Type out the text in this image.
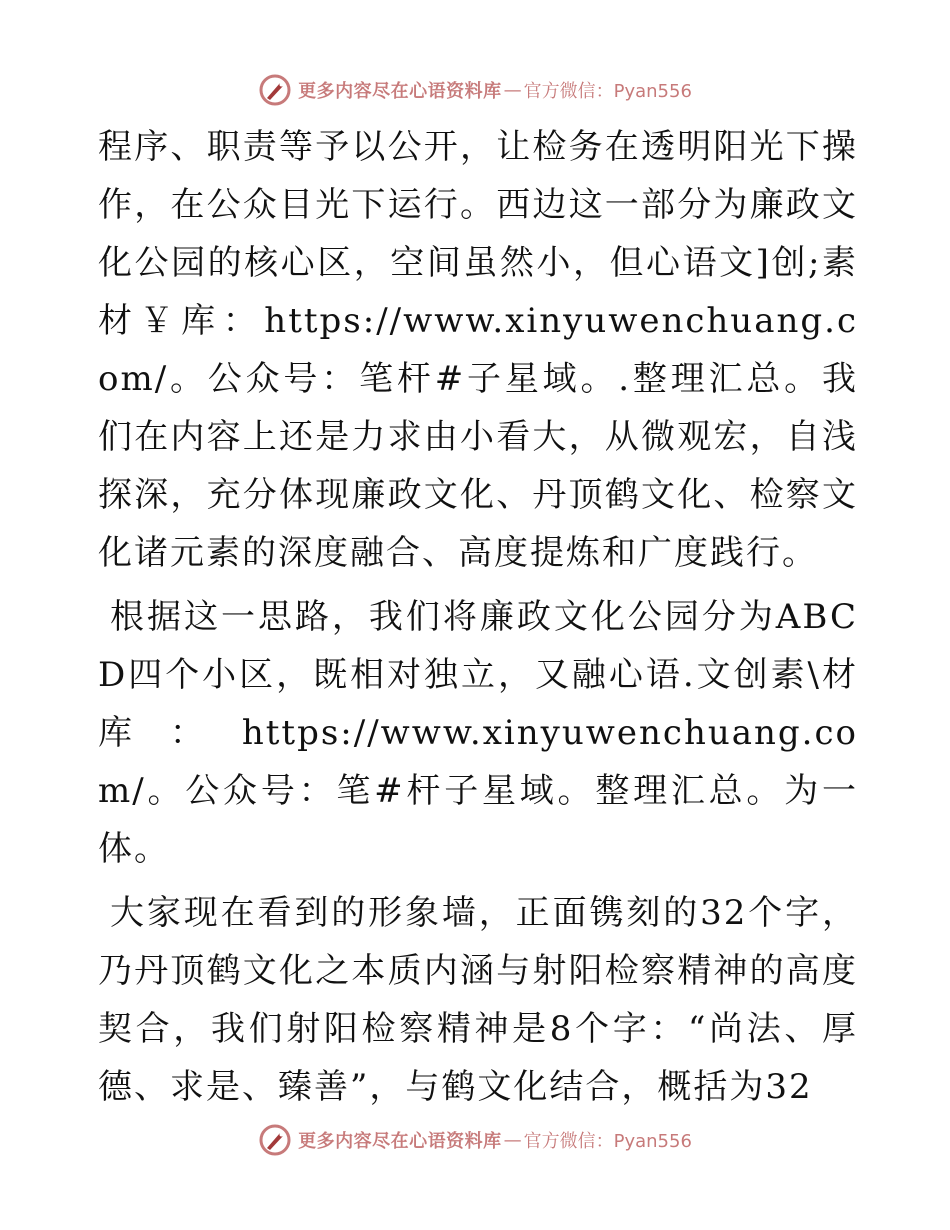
更多内容尽在心语资料库 — 官方微信：Pyan556

程序、职责等予以公开，让检务在透明阳光下操作，在公众目光下运行。西边这一部分为廉政文化公园的核心区，空间虽然小，但心语文]创;素材￥库：https://www.xinyuwenchuang.com/。公众号：笔杆#子星域。.整理汇总。我们在内容上还是力求由小看大，从微观宏，自浅探深，充分体现廉政文化、丹顶鹤文化、检察文化诸元素的深度融合、高度提炼和广度践行。

根据这一思路，我们将廉政文化公园分为ABCD四个小区，既相对独立，又融心语.文创素\材库：https://www.xinyuwenchuang.com/。公众号：笔#杆子星域。整理汇总。为一体。

大家现在看到的形象墙，正面镌刻的32个字，乃丹顶鹤文化之本质内涵与射阳检察精神的高度契合，我们射阳检察精神是8个字：“尚法、厚德、求是、臻善”，与鹤文化结合，概括为32

更多内容尽在心语资料库 — 官方微信：Pyan556
